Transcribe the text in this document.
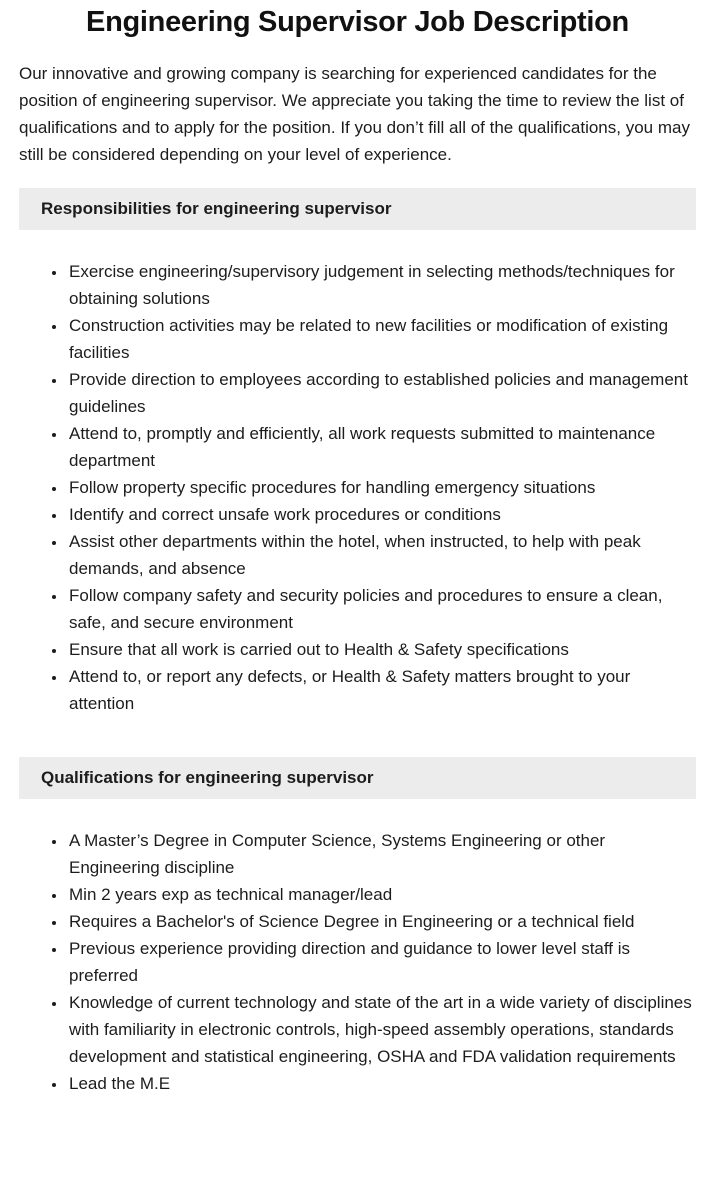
Engineering Supervisor Job Description

Our innovative and growing company is searching for experienced candidates for the position of engineering supervisor. We appreciate you taking the time to review the list of qualifications and to apply for the position. If you don’t fill all of the qualifications, you may still be considered depending on your level of experience.

Responsibilities for engineering supervisor
• Exercise engineering/supervisory judgement in selecting methods/techniques for obtaining solutions
• Construction activities may be related to new facilities or modification of existing facilities
• Provide direction to employees according to established policies and management guidelines
• Attend to, promptly and efficiently, all work requests submitted to maintenance department
• Follow property specific procedures for handling emergency situations
• Identify and correct unsafe work procedures or conditions
• Assist other departments within the hotel, when instructed, to help with peak demands, and absence
• Follow company safety and security policies and procedures to ensure a clean, safe, and secure environment
• Ensure that all work is carried out to Health & Safety specifications
• Attend to, or report any defects, or Health & Safety matters brought to your attention
Qualifications for engineering supervisor
• A Master’s Degree in Computer Science, Systems Engineering or other Engineering discipline
• Min 2 years exp as technical manager/lead
• Requires a Bachelor's of Science Degree in Engineering or a technical field
• Previous experience providing direction and guidance to lower level staff is preferred
• Knowledge of current technology and state of the art in a wide variety of disciplines with familiarity in electronic controls, high-speed assembly operations, standards development and statistical engineering, OSHA and FDA validation requirements
• Lead the M.E
